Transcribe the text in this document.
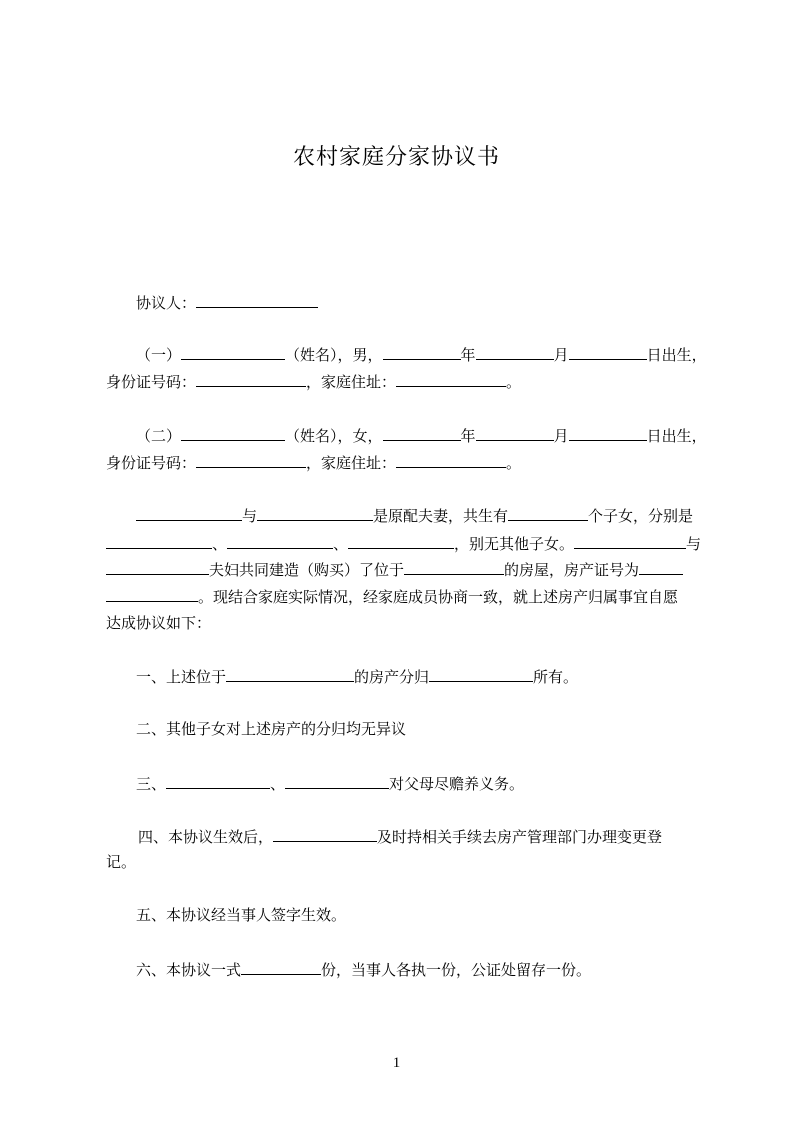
农村家庭分家协议书
协议人：
（一）	（姓名），男，	年	月	日出生，
身份证号码：	，家庭住址：	。
（二）	（姓名），女，	年	月	日出生，
身份证号码：	，家庭住址：	。
与	是原配夫妻，共生有	个子女，分别是
、	、	，别无其他子女。	与
夫妇共同建造（购买）了位于	的房屋，房产证号为
。现结合家庭实际情况，经家庭成员协商一致，就上述房产归属事宜自愿
达成协议如下：
一、上述位于	的房产分归	所有。
二、其他子女对上述房产的分归均无异议
三、	、	对父母尽赡养义务。
四、本协议生效后，	及时持相关手续去房产管理部门办理变更登
记。
五、本协议经当事人签字生效。
六、本协议一式	份，当事人各执一份，公证处留存一份。
1
